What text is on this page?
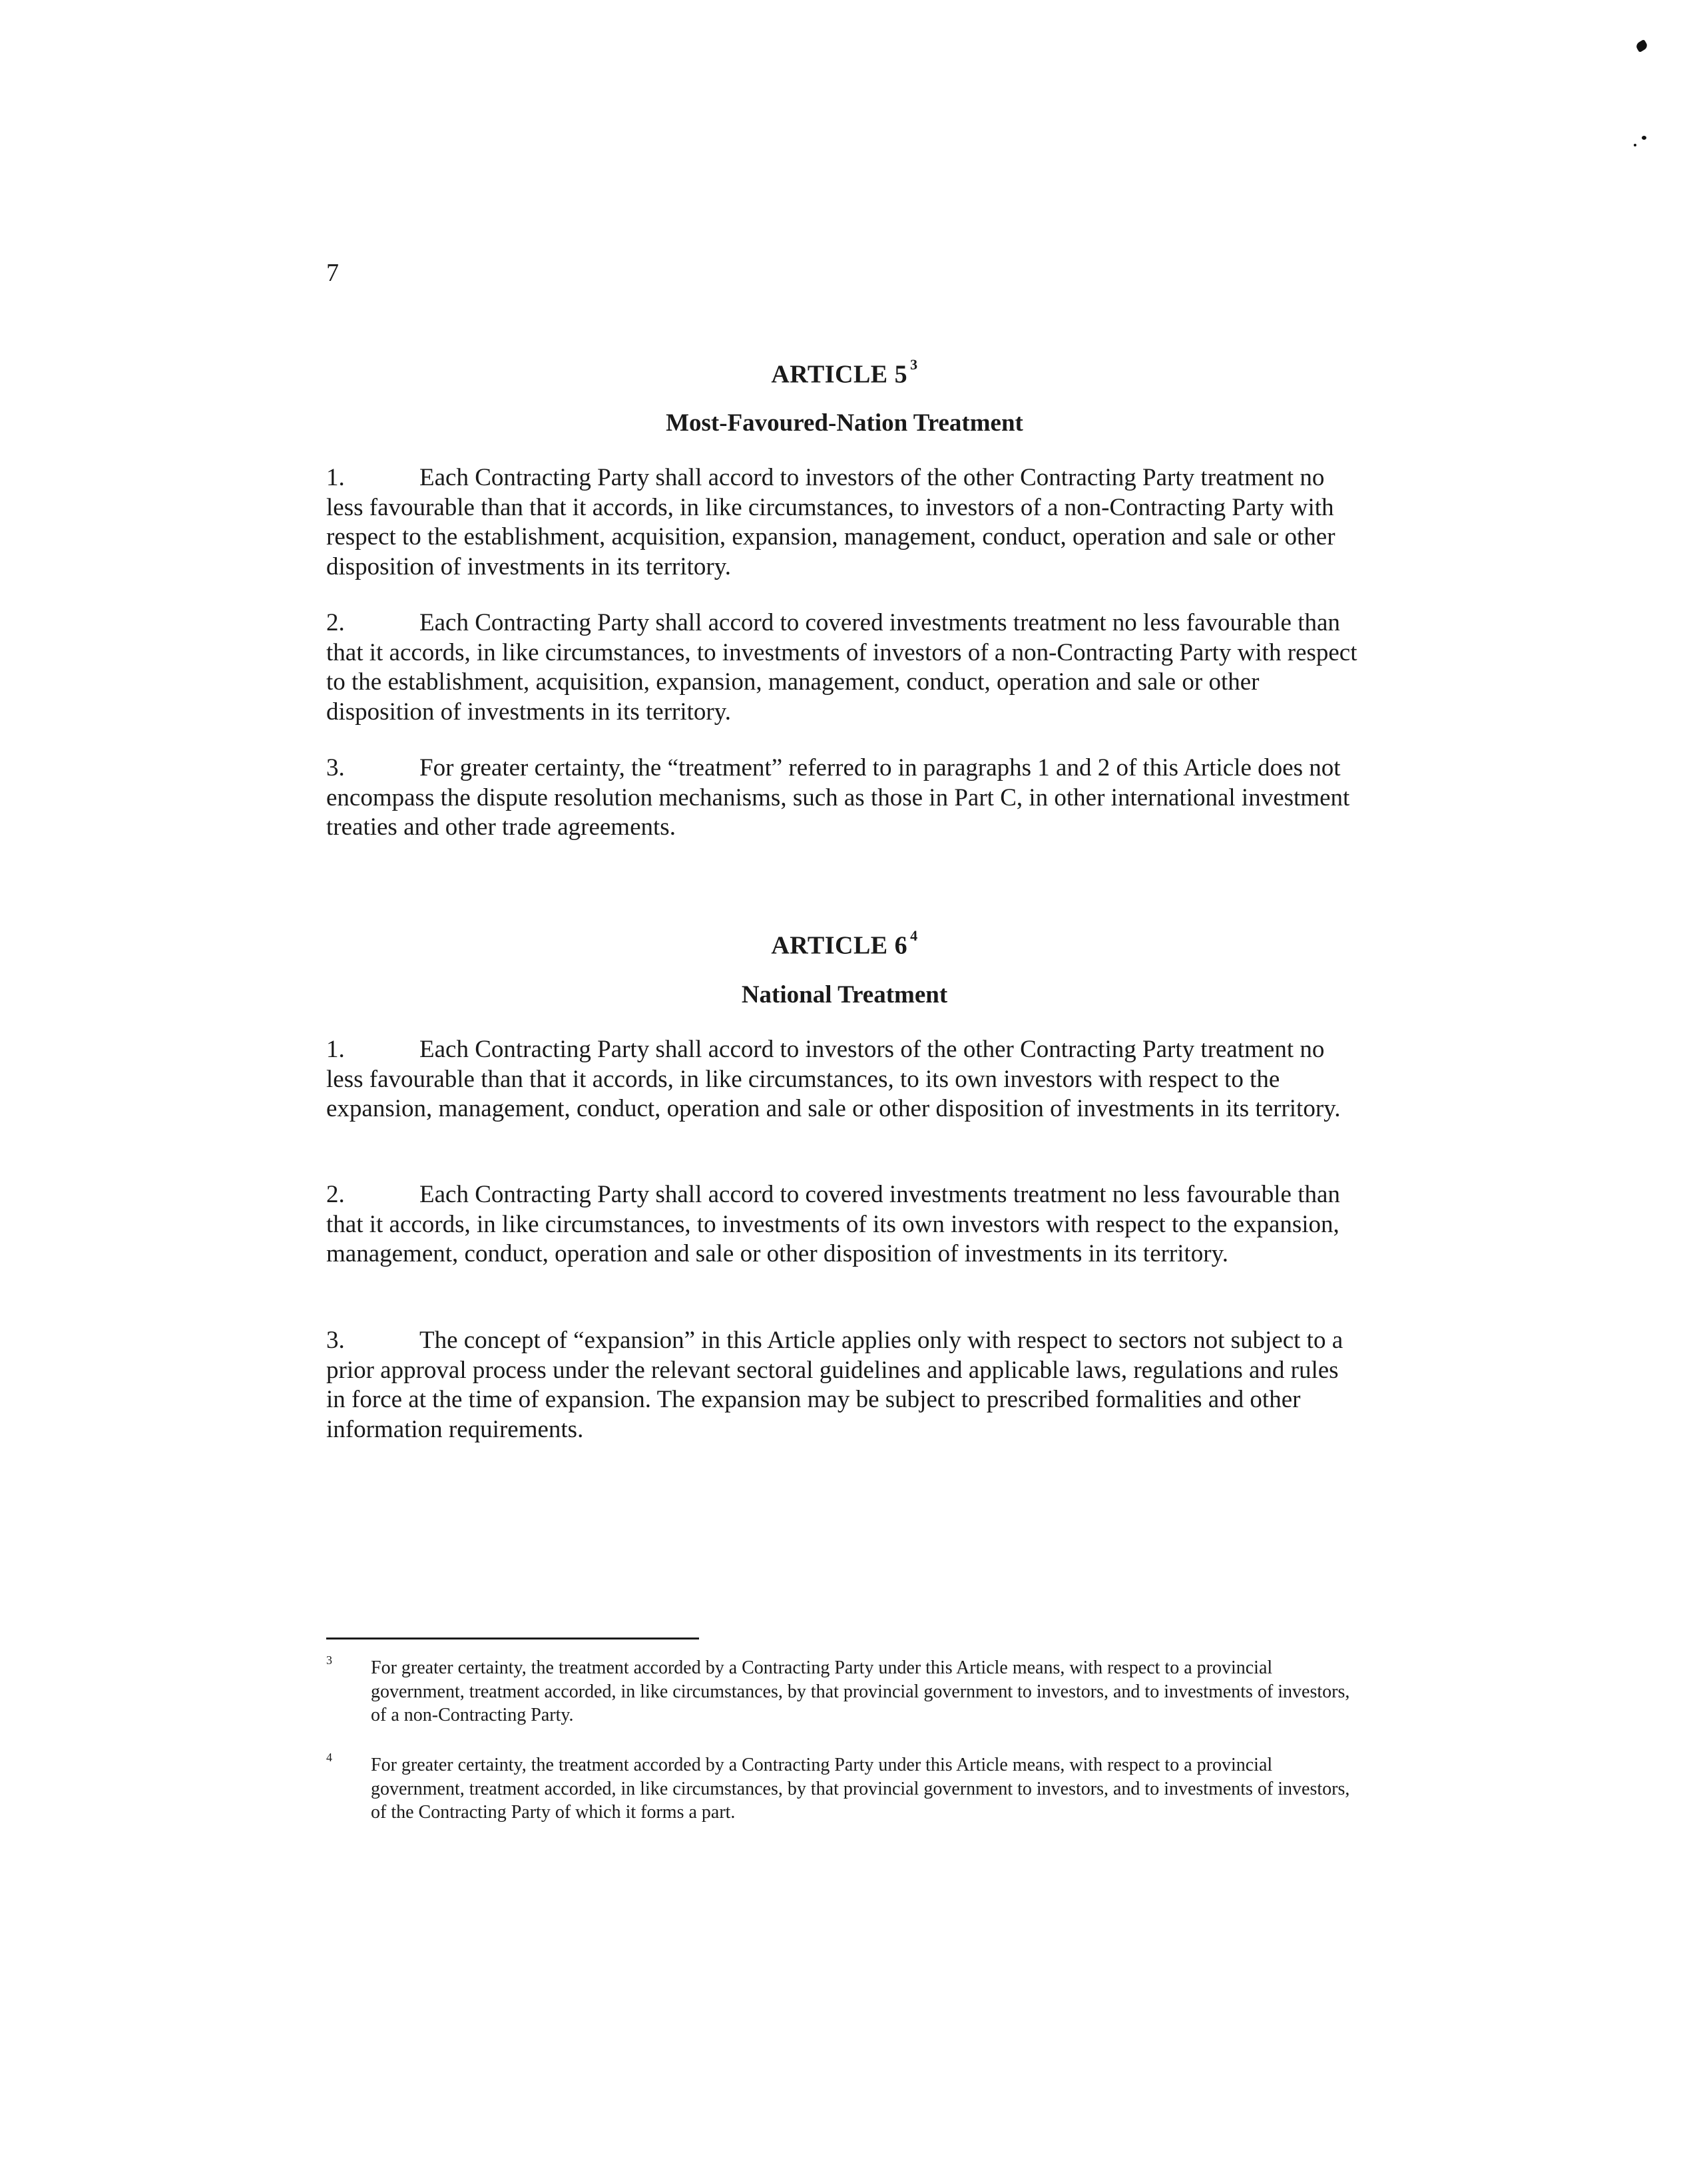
7
ARTICLE 5 $^3$
Most-Favoured-Nation Treatment

1.	Each Contracting Party shall accord to investors of the other Contracting Party treatment no less favourable than that it accords, in like circumstances, to investors of a non-Contracting Party with respect to the establishment, acquisition, expansion, management, conduct, operation and sale or other disposition of investments in its territory.

2.	Each Contracting Party shall accord to covered investments treatment no less favourable than that it accords, in like circumstances, to investments of investors of a non-Contracting Party with respect to the establishment, acquisition, expansion, management, conduct, operation and sale or other disposition of investments in its territory.

3.	For greater certainty, the “treatment” referred to in paragraphs 1 and 2 of this Article does not encompass the dispute resolution mechanisms, such as those in Part C, in other international investment treaties and other trade agreements.

ARTICLE 6 $^4$
National Treatment

1.	Each Contracting Party shall accord to investors of the other Contracting Party treatment no less favourable than that it accords, in like circumstances, to its own investors with respect to the expansion, management, conduct, operation and sale or other disposition of investments in its territory.

2.	Each Contracting Party shall accord to covered investments treatment no less favourable than that it accords, in like circumstances, to investments of its own investors with respect to the expansion, management, conduct, operation and sale or other disposition of investments in its territory.

3.	The concept of “expansion” in this Article applies only with respect to sectors not subject to a prior approval process under the relevant sectoral guidelines and applicable laws, regulations and rules in force at the time of expansion. The expansion may be subject to prescribed formalities and other information requirements.

3 For greater certainty, the treatment accorded by a Contracting Party under this Article means, with respect to a provincial government, treatment accorded, in like circumstances, by that provincial government to investors, and to investments of investors, of a non-Contracting Party.
4 For greater certainty, the treatment accorded by a Contracting Party under this Article means, with respect to a provincial government, treatment accorded, in like circumstances, by that provincial government to investors, and to investments of investors, of the Contracting Party of which it forms a part.
